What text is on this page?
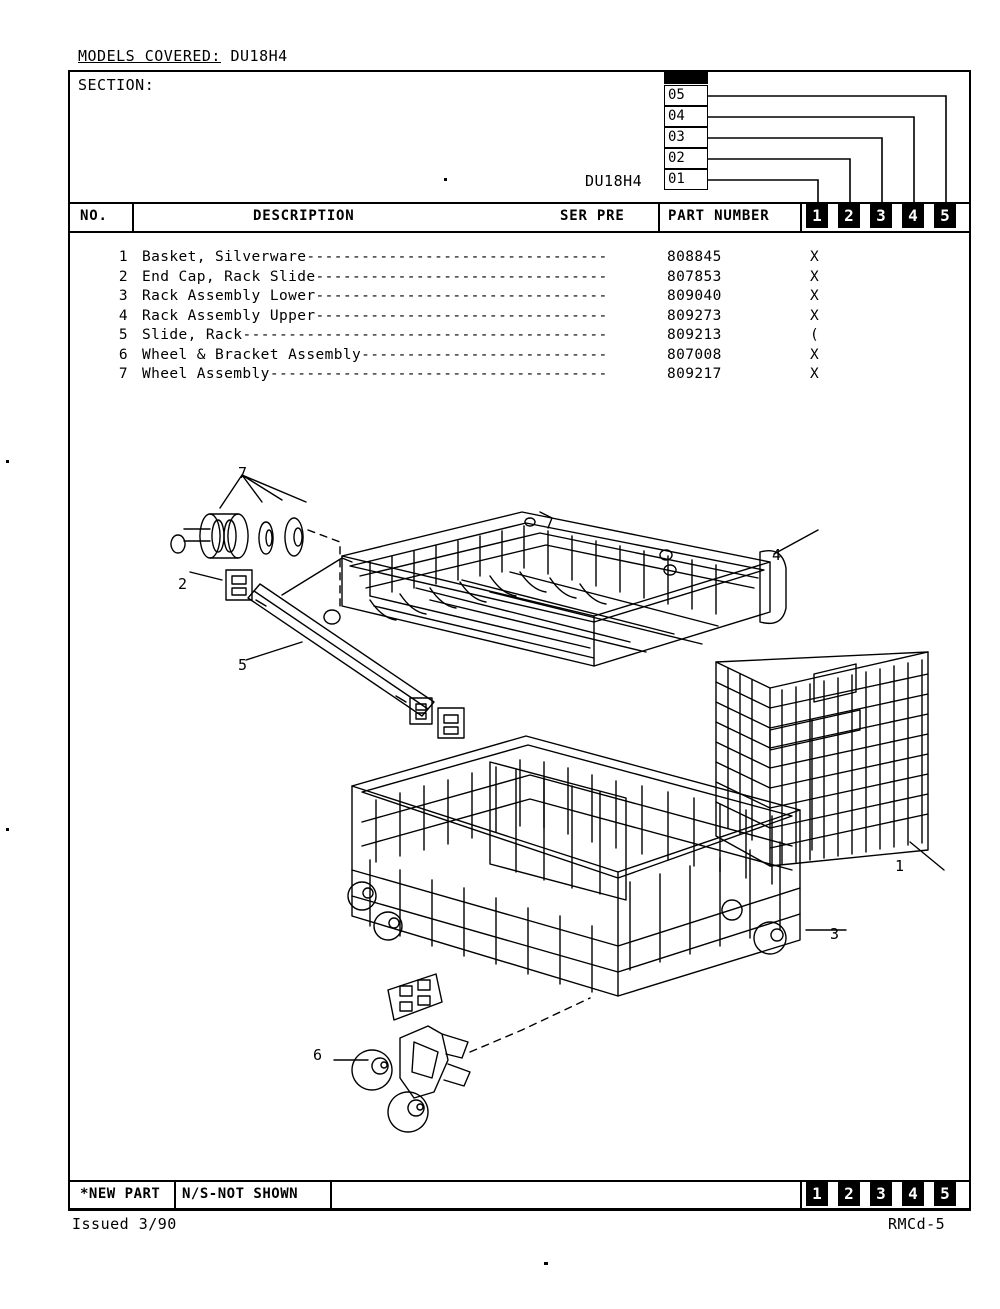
MODELS COVERED: DU18H4
SECTION:
05
04
03
02
01
DU18H4
NO.	DESCRIPTION	SER PRE	PART NUMBER	1	2	3	4	5
1 Basket, Silverware---------------------------------	808845	X
2 End Cap, Rack Slide--------------------------------	807853	X
3 Rack Assembly Lower--------------------------------	809040	X
4 Rack Assembly Upper--------------------------------	809273	X
5 Slide, Rack----------------------------------------	809213	(
6 Wheel & Bracket Assembly---------------------------	807008	X
7 Wheel Assembly-------------------------------------	809217	X
7
2
5
4
1
3
6
*NEW PART N/S-NOT SHOWN	1	2	3	4	5
Issued 3/90	RMCd-5
